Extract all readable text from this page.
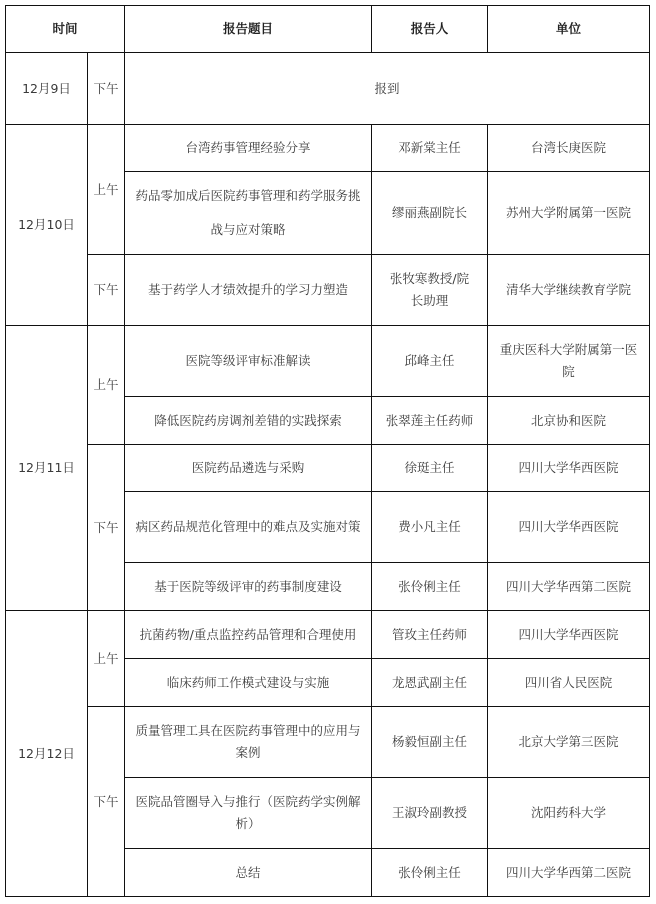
时间		报告题目	报告人	单位
12月9日	下午	报到		
12月10日	上午	台湾药事管理经验分享	邓新棠主任	台湾长庚医院
		药品零加成后医院药事管理和药学服务挑战与应对策略	缪丽燕副院长	苏州大学附属第一医院
	下午	基于药学人才绩效提升的学习力塑造	张牧寒教授/院长助理	清华大学继续教育学院
12月11日	上午	医院等级评审标准解读	邱峰主任	重庆医科大学附属第一医院
		降低医院药房调剂差错的实践探索	张翠莲主任药师	北京协和医院
	下午	医院药品遴选与采购	徐珽主任	四川大学华西医院
		病区药品规范化管理中的难点及实施对策	费小凡主任	四川大学华西医院
		基于医院等级评审的药事制度建设	张伶俐主任	四川大学华西第二医院
12月12日	上午	抗菌药物/重点监控药品管理和合理使用	管玫主任药师	四川大学华西医院
		临床药师工作模式建设与实施	龙恩武副主任	四川省人民医院
	下午	质量管理工具在医院药事管理中的应用与案例	杨毅恒副主任	北京大学第三医院
		医院品管圈导入与推行（医院药学实例解析）	王淑玲副教授	沈阳药科大学
		总结	张伶俐主任	四川大学华西第二医院
